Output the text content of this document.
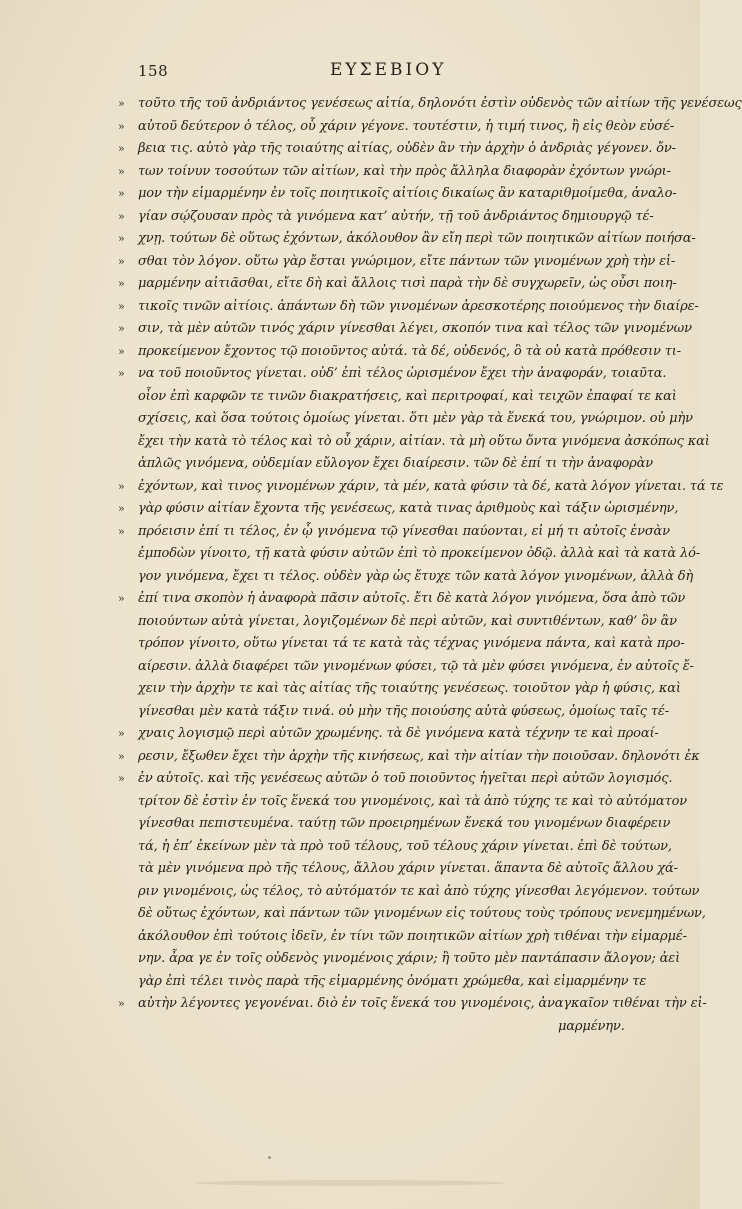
158	ΕΥΣΕΒΙΟΥ
»	τοῦτο τῆς τοῦ ἀνδριάντος γενέσεως αἰτία, δηλονότι ἐστὶν οὐδενὸς τῶν αἰτίων τῆς γενέσεως
»	αὐτοῦ δεύτερον ὁ τέλος, οὗ χάριν γέγονε. τουτέστιν, ἡ τιμή τινος, ἢ εἰς θεὸν εὐσέ-
»	βεια τις. αὐτὸ γὰρ τῆς τοιαύτης αἰτίας, οὐδὲν ἂν τὴν ἀρχὴν ὁ ἀνδριὰς γέγονεν. ὄν-
»	των τοίνυν τοσούτων τῶν αἰτίων, καὶ τὴν πρὸς ἄλληλα διαφορὰν ἐχόντων γνώρι-
»	μον τὴν εἱμαρμένην ἐν τοῖς ποιητικοῖς αἰτίοις δικαίως ἂν καταριθμοίμεθα, ἀναλο-
»	γίαν σῴζουσαν πρὸς τὰ γινόμενα κατ’ αὐτήν, τῇ τοῦ ἀνδριάντος δημιουργῷ τέ-
»	χνῃ. τούτων δὲ οὕτως ἐχόντων, ἀκόλουθον ἂν εἴη περὶ τῶν ποιητικῶν αἰτίων ποιήσα-
»	σθαι τὸν λόγον. οὕτω γὰρ ἔσται γνώριμον, εἴτε πάντων τῶν γινομένων χρὴ τὴν εἱ-
»	μαρμένην αἰτιᾶσθαι, εἴτε δὴ καὶ ἄλλοις τισὶ παρὰ τὴν δὲ συγχωρεῖν, ὡς οὖσι ποιη-
»	τικοῖς τινῶν αἰτίοις. ἁπάντων δὴ τῶν γινομένων ἀρεσκοτέρης ποιούμενος τὴν διαίρε-
»	σιν, τὰ μὲν αὐτῶν τινός χάριν γίνεσθαι λέγει, σκοπόν τινα καὶ τέλος τῶν γινομένων
»	προκείμενον ἔχοντος τῷ ποιοῦντος αὐτά. τὰ δέ, οὐδενός, ὃ τὰ οὐ κατὰ πρόθεσιν τι-
»	να τοῦ ποιοῦντος γίνεται. οὐδ’ ἐπὶ τέλος ὡρισμένον ἔχει τὴν ἀναφοράν, τοιαῦτα.
οἷον ἐπὶ καρφῶν τε τινῶν διακρατήσεις, καὶ περιτροφαί, καὶ τειχῶν ἐπαφαί τε καὶ
σχίσεις, καὶ ὅσα τούτοις ὁμοίως γίνεται. ὅτι μὲν γὰρ τὰ ἕνεκά του, γνώριμον. οὐ μὴν
ἔχει τὴν κατὰ τὸ τέλος καὶ τὸ οὗ χάριν, αἰτίαν. τὰ μὴ οὕτω ὄντα γινόμενα ἀσκόπως καὶ
ἁπλῶς γινόμενα, οὐδεμίαν εὔλογον ἔχει διαίρεσιν. τῶν δὲ ἐπί τι τὴν ἀναφορὰν
»	ἐχόντων, καὶ τινος γινομένων χάριν, τὰ μέν, κατὰ φύσιν τὰ δέ, κατὰ λόγον γίνεται. τά τε
»	γὰρ φύσιν αἰτίαν ἔχοντα τῆς γενέσεως, κατὰ τινας ἀριθμοὺς καὶ τάξιν ὡρισμένην,
»	πρόεισιν ἐπί τι τέλος, ἐν ᾧ γινόμενα τῷ γίνεσθαι παύονται, εἰ μή τι αὐτοῖς ἐνσὰν
ἐμποδὼν γίνοιτο, τῇ κατὰ φύσιν αὐτῶν ἐπὶ τὸ προκείμενον ὁδῷ. ἀλλὰ καὶ τὰ κατὰ λό-
γον γινόμενα, ἔχει τι τέλος. οὐδὲν γὰρ ὡς ἔτυχε τῶν κατὰ λόγον γινομένων, ἀλλὰ δὴ
»	ἐπί τινα σκοπὸν ἡ ἀναφορὰ πᾶσιν αὐτοῖς. ἔτι δὲ κατὰ λόγον γινόμενα, ὅσα ἀπὸ τῶν
ποιούντων αὐτὰ γίνεται, λογιζομένων δὲ περὶ αὐτῶν, καὶ συντιθέντων, καθ’ ὃν ἂν
τρόπον γίνοιτο, οὕτω γίνεται τά τε κατὰ τὰς τέχνας γινόμενα πάντα, καὶ κατὰ προ-
αίρεσιν. ἀλλὰ διαφέρει τῶν γινομένων φύσει, τῷ τὰ μὲν φύσει γινόμενα, ἐν αὐτοῖς ἔ-
χειν τὴν ἀρχὴν τε καὶ τὰς αἰτίας τῆς τοιαύτης γενέσεως. τοιοῦτον γὰρ ἡ φύσις, καὶ
γίνεσθαι μὲν κατὰ τάξιν τινά. οὐ μὴν τῆς ποιούσης αὐτὰ φύσεως, ὁμοίως ταῖς τέ-
»	χναις λογισμῷ περὶ αὐτῶν χρωμένης. τὰ δὲ γινόμενα κατὰ τέχνην τε καὶ προαί-
»	ρεσιν, ἔξωθεν ἔχει τὴν ἀρχὴν τῆς κινήσεως, καὶ τὴν αἰτίαν τὴν ποιοῦσαν. δηλονότι ἐκ
»	ἐν αὐτοῖς. καὶ τῆς γενέσεως αὐτῶν ὁ τοῦ ποιοῦντος ἡγεῖται περὶ αὐτῶν λογισμός.
τρίτον δὲ ἐστὶν ἐν τοῖς ἕνεκά του γινομένοις, καὶ τὰ ἀπὸ τύχης τε καὶ τὸ αὐτόματον
γίνεσθαι πεπιστευμένα. ταύτῃ τῶν προειρημένων ἕνεκά του γινομένων διαφέρειν
τά, ἡ ἐπ’ ἐκείνων μὲν τὰ πρὸ τοῦ τέλους, τοῦ τέλους χάριν γίνεται. ἐπὶ δὲ τούτων,
τὰ μὲν γινόμενα πρὸ τῆς τέλους, ἄλλου χάριν γίνεται. ἅπαντα δὲ αὐτοῖς ἄλλου χά-
ριν γινομένοις, ὡς τέλος, τὸ αὐτόματόν τε καὶ ἀπὸ τύχης γίνεσθαι λεγόμενον. τούτων
δὲ οὕτως ἐχόντων, καὶ πάντων τῶν γινομένων εἰς τούτους τοὺς τρόπους νενεμημένων,
ἀκόλουθον ἐπὶ τούτοις ἰδεῖν, ἐν τίνι τῶν ποιητικῶν αἰτίων χρὴ τιθέναι τὴν εἱμαρμέ-
νην. ἆρα γε ἐν τοῖς οὐδενὸς γινομένοις χάριν; ἢ τοῦτο μὲν παντάπασιν ἄλογον; ἀεὶ
γὰρ ἐπὶ τέλει τινὸς παρὰ τῆς εἱμαρμένης ὀνόματι χρώμεθα, καὶ εἱμαρμένην τε
»	αὐτὴν λέγοντες γεγονέναι. διὸ ἐν τοῖς ἕνεκά του γινομένοις, ἀναγκαῖον τιθέναι τὴν εἱ-
μαρμένην.
